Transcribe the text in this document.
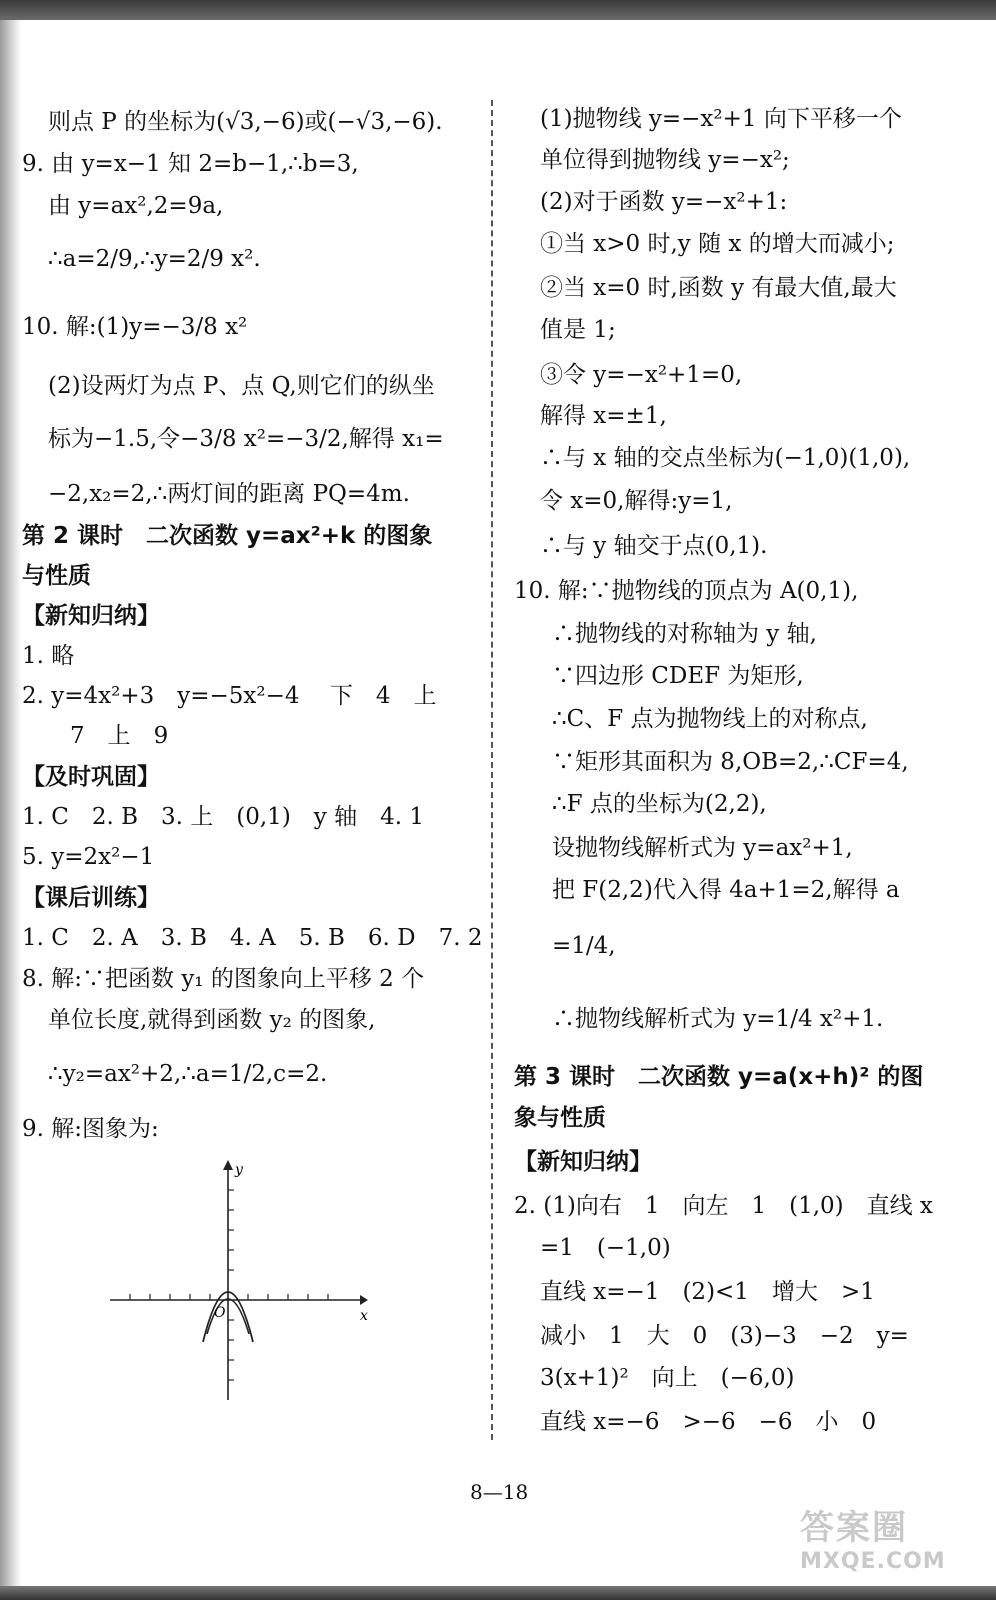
y
x
O
8—18
答案圈
MXQE.COM
则点 P 的坐标为(√3,−6)或(−√3,−6).
9. 由 y=x−1 知 2=b−1,∴b=3,
由 y=ax²,2=9a,
∴a=2/9,∴y=2/9 x².
10. 解:(1)y=−3/8 x²
(2)设两灯为点 P、点 Q,则它们的纵坐
标为−1.5,令−3/8 x²=−3/2,解得 x₁=
−2,x₂=2,∴两灯间的距离 PQ=4m.
第 2 课时　二次函数 y=ax²+k 的图象
与性质
【新知归纳】
1. 略
2. y=4x²+3　y=−5x²−4　 下　4　上
7　上　9
【及时巩固】
1. C　2. B　3. 上　(0,1)　y 轴　4. 1
5. y=2x²−1
【课后训练】
1. C　2. A　3. B　4. A　5. B　6. D　7. 2
8. 解:∵把函数 y₁ 的图象向上平移 2 个
单位长度,就得到函数 y₂ 的图象,
∴y₂=ax²+2,∴a=1/2,c=2.
9. 解:图象为:
(1)抛物线 y=−x²+1 向下平移一个
单位得到抛物线 y=−x²;
(2)对于函数 y=−x²+1:
①当 x>0 时,y 随 x 的增大而减小;
②当 x=0 时,函数 y 有最大值,最大
值是 1;
③令 y=−x²+1=0,
解得 x=±1,
∴与 x 轴的交点坐标为(−1,0)(1,0),
令 x=0,解得:y=1,
∴与 y 轴交于点(0,1).
10. 解:∵抛物线的顶点为 A(0,1),
∴抛物线的对称轴为 y 轴,
∵四边形 CDEF 为矩形,
∴C、F 点为抛物线上的对称点,
∵矩形其面积为 8,OB=2,∴CF=4,
∴F 点的坐标为(2,2),
设抛物线解析式为 y=ax²+1,
把 F(2,2)代入得 4a+1=2,解得 a
=1/4,
∴抛物线解析式为 y=1/4 x²+1.
第 3 课时　二次函数 y=a(x+h)² 的图
象与性质
【新知归纳】
2. (1)向右　1　向左　1　(1,0)　直线 x
=1　(−1,0)
直线 x=−1　(2)<1　增大　>1
减小　1　大　0　(3)−3　−2　y=
3(x+1)²　向上　(−6,0)
直线 x=−6　>−6　−6　小　0
